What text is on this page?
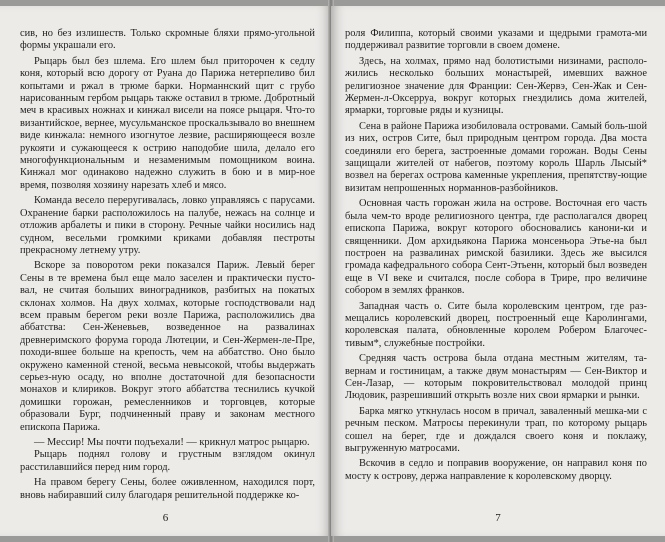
сив, но без излишеств. Только скромные бляхи прямо-угольной формы украшали его.

Рыцарь был без шлема. Его шлем был приторочен к седлу коня, который всю дорогу от Руана до Парижа нетерпеливо бил копытами и ржал в трюме барки. Норманнский щит с грубо нарисованным гербом рыцарь также оставил в трюме. Добротный меч в красивых ножнах и кинжал висели на поясе рыцаря. Что-то византийское, вернее, мусульманское проскальзывало во внешнем виде кинжала: немного изогнутое лезвие, расширяющееся возле рукояти и сужающееся к острию наподобие шила, делало его многофункциональным и незаменимым помощником воина. Кинжал мог одинаково надежно служить в бою и в мир-ное время, позволяя хозяину нарезать хлеб и мясо.

Команда весело переругивалась, ловко управляясь с парусами. Охранение барки расположилось на палубе, нежась на солнце и отложив арбалеты и пики в сторону. Речные чайки носились над судном, весельми громкими криками добавляя пестроты прекрасному летнему утру.

Вскоре за поворотом реки показался Париж. Левый берег Сены в те времена был еще мало заселен и практически пусто-вал, не считая больших виноградников, разбитых на покатых склонах холмов. На двух холмах, которые господствовали над всем правым берегом реки возле Парижа, расположились два аббатства: Сен-Женевьев, возведенное на развалинах древнеримского форума города Лютеции, и Сен-Жермен-ле-Пре, походи-вшее больше на крепость, чем на аббатство. Оно было окружено каменной стеной, весьма невысокой, чтобы выдержать серьез-ную осаду, но вполне достаточной для безопасности монахов и клириков. Вокруг этого аббатства теснились кучкой домишки горожан, ремесленников и торговцев, которые образовали Бург, подчиненный праву и законам местного епископа Парижа.

— Мессир! Мы почти подъехали! — крикнул матрос рыцарю.

Рыцарь поднял голову и грустным взглядом окинул расстилавшийся перед ним город.

На правом берегу Сены, более оживленном, находился порт, вновь набиравший силу благодаря решительной поддержке ко-

6

роля Филиппа, который своими указами и щедрыми грамота-ми поддерживал развитие торговли в своем домене.

Здесь, на холмах, прямо над болотистыми низинами, располо-жились несколько больших монастырей, имевших важное религиозное значение для Франции: Сен-Жервэ, Сен-Жак и Сен-Жермен-л-Оксерруа, вокруг которых гнездились дома жителей, ярмарки, торговые ряды и кузницы.

Сена в районе Парижа изобиловала островами. Самый боль-шой из них, остров Сите, был природным центром города. Два моста соединяли его берега, застроенные домами горожан. Воды Сены защищали жителей от набегов, поэтому король Шарль Лысый* возвел на берегах острова каменные укрепления, препятству-ющие визитам непрошенных норманнов-разбойников.

Основная часть горожан жила на острове. Восточная его часть была чем-то вроде религиозного центра, где располагался дворец епископа Парижа, вокруг которого обосновались канони-ки и священники. Дом архидьякона Парижа монсеньора Этье-на был построен на развалинах римской базилики. Здесь же высился громада кафедрального собора Сент-Этьенн, который был возведен еще в VI веке и считался, после собора в Трире, про величине собором в землях франков.

Западная часть о. Сите была королевским центром, где раз-мещались королевский дворец, построенный еще Каролингами, королевская палата, обновленные королем Робером Благочес-тивым*, служебные постройки.

Средняя часть острова была отдана местным жителям, та-вернам и гостиницам, а также двум монастырям — Сен-Виктор и Сен-Лазар, — которым покровительствовал молодой принц Людовик, разрешивший открыть возле них свои ярмарки и рынки.

Барка мягко уткнулась носом в причал, заваленный мешка-ми с речным песком. Матросы перекинули трап, по которому рыцарь сошел на берег, где и дождался своего коня и поклажу, выгруженную матросами.

Вскочив в седло и поправив вооружение, он направил коня по мосту к острову, держа направление к королевскому дворцу.

7
